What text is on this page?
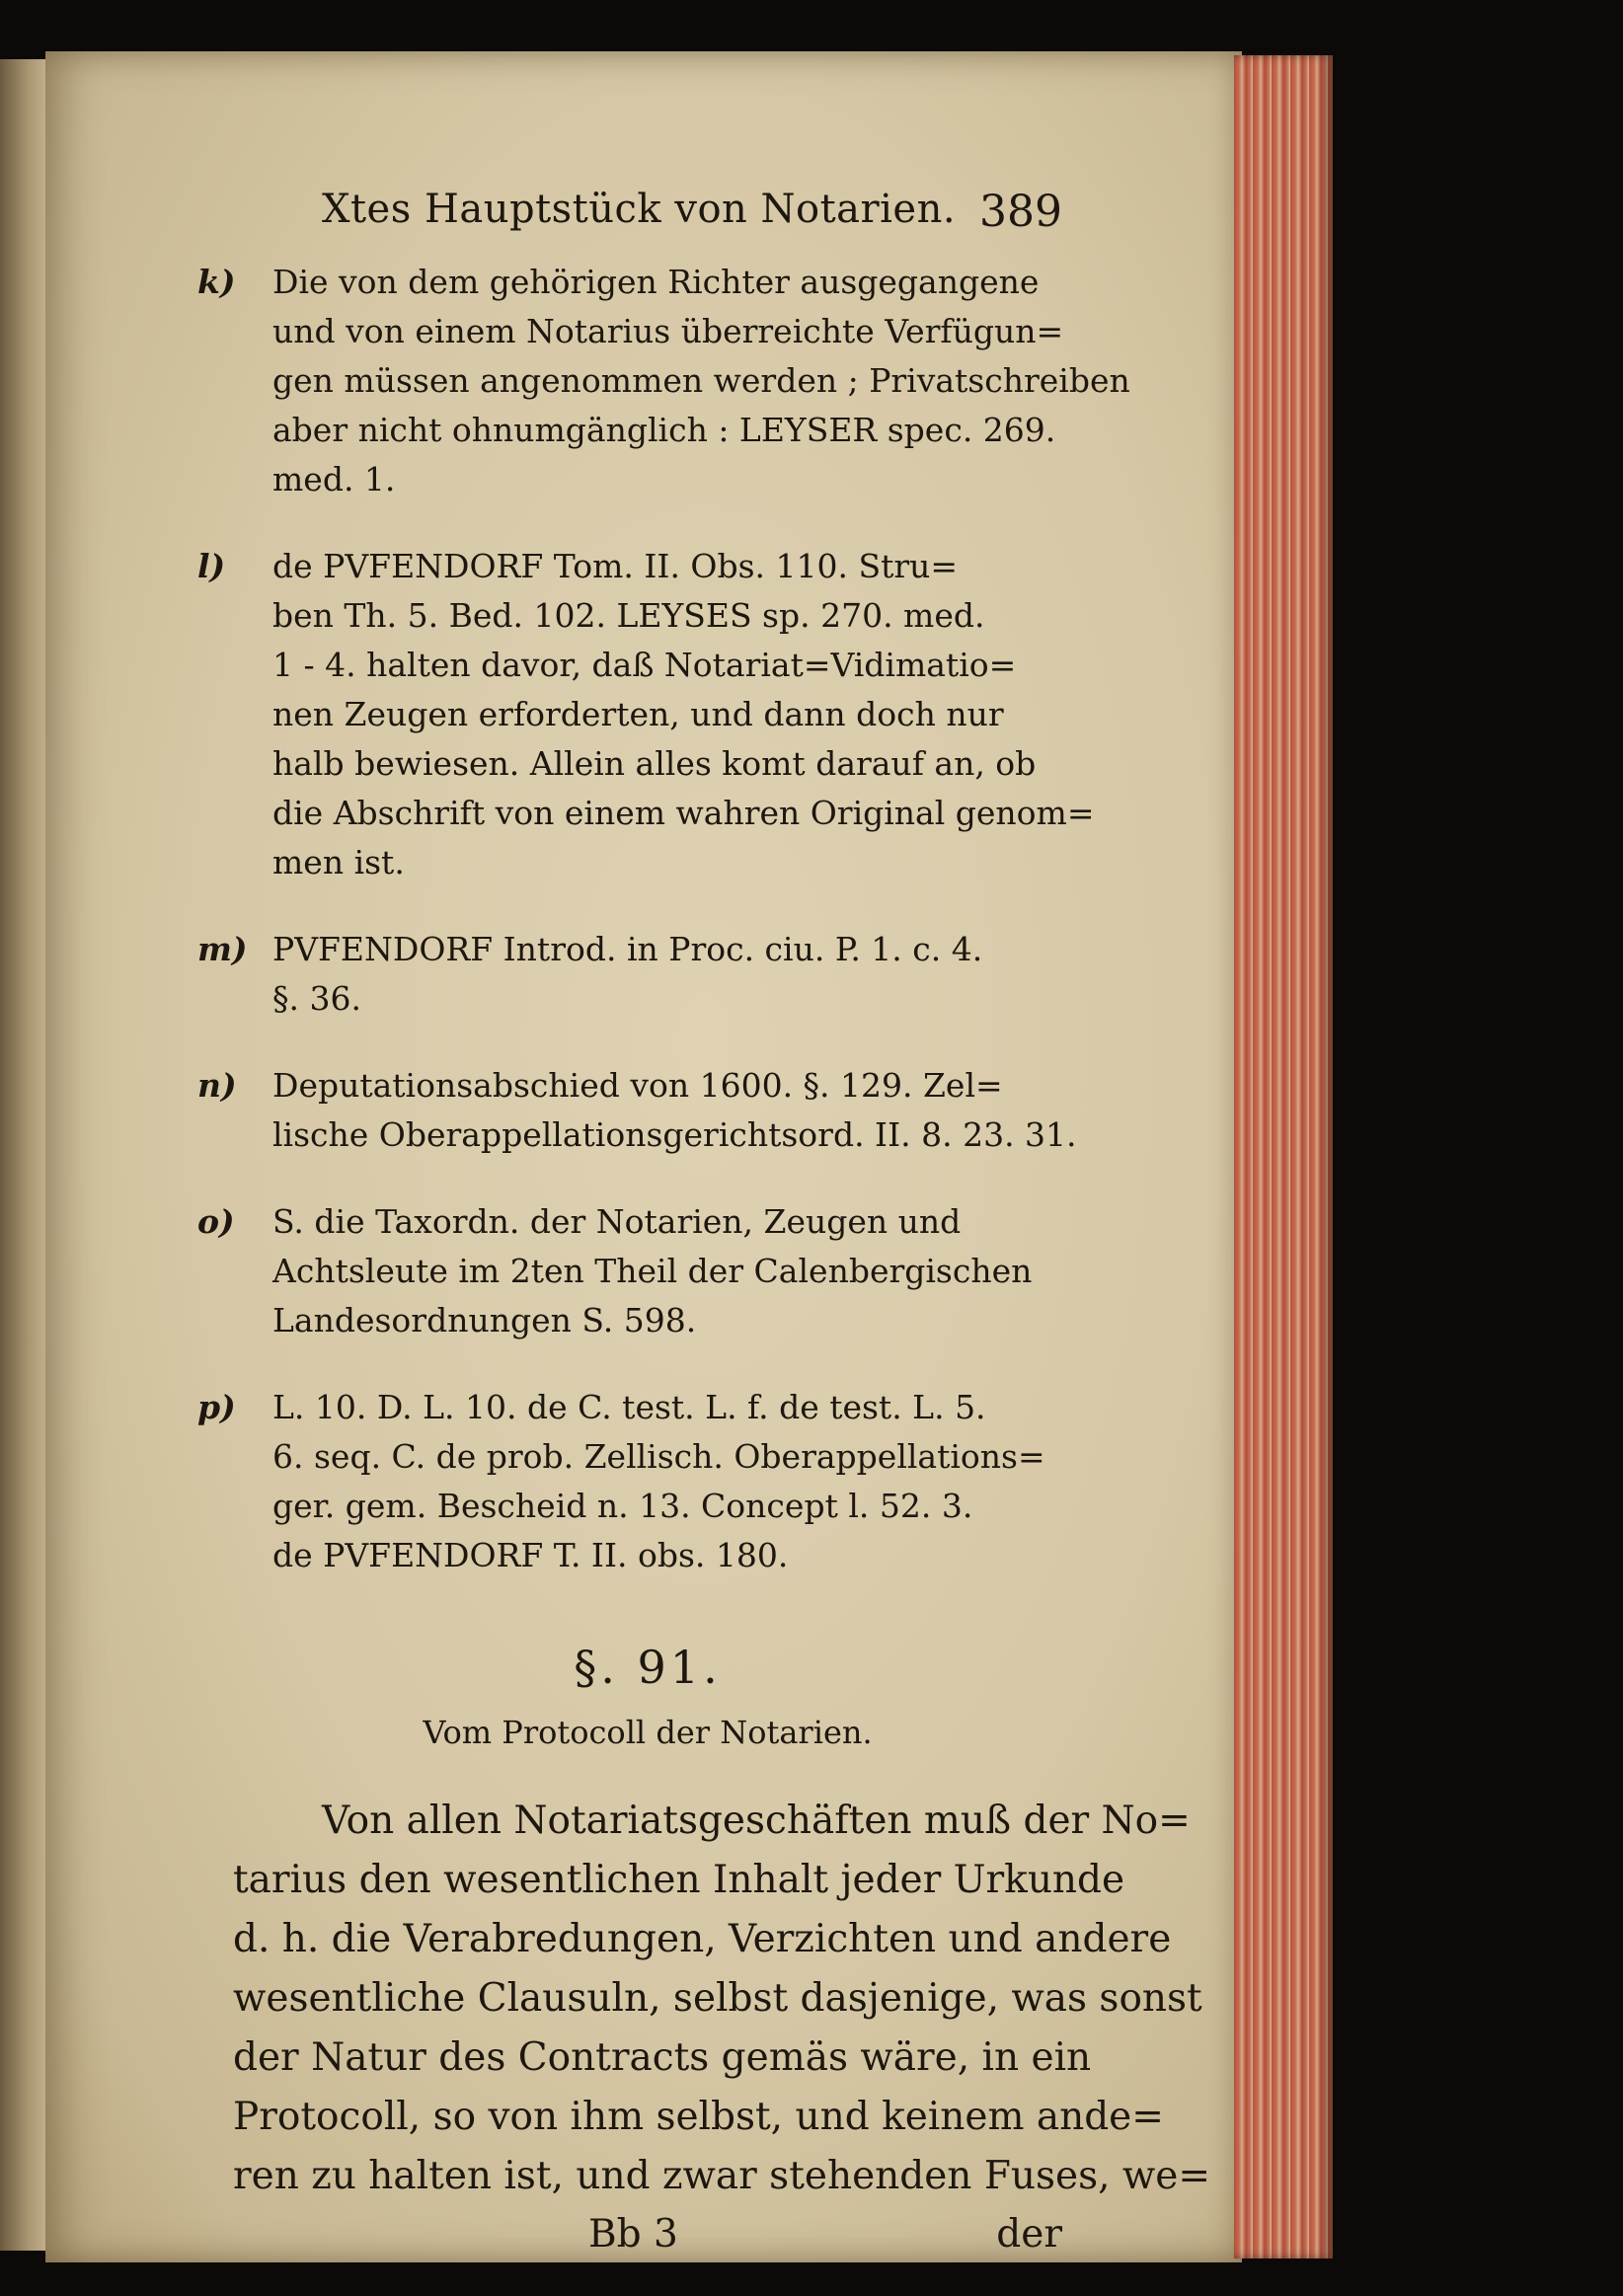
Xtes Hauptstück von Notarien. 389
k) Die von dem gehörigen Richter ausgegangene
und von einem Notarius überreichte Verfügun=
gen müssen angenommen werden ; Privatschreiben
aber nicht ohnumgänglich : LEYSER spec. 269.
med. 1.
l) de PVFENDORF Tom. II. Obs. 110. Stru=
ben Th. 5. Bed. 102. LEYSES sp. 270. med.
1 - 4. halten davor, daß Notariat=Vidimatio=
nen Zeugen erforderten, und dann doch nur
halb bewiesen. Allein alles komt darauf an, ob
die Abschrift von einem wahren Original genom=
men ist.
m) PVFENDORF Introd. in Proc. ciu. P. 1. c. 4.
§. 36.
n) Deputationsabschied von 1600. §. 129. Zel=
lische Oberappellationsgerichtsord. II. 8. 23. 31.
o) S. die Taxordn. der Notarien, Zeugen und
Achtsleute im 2ten Theil der Calenbergischen
Landesordnungen S. 598.
p) L. 10. D. L. 10. de C. test. L. f. de test. L. 5.
6. seq. C. de prob. Zellisch. Oberappellations=
ger. gem. Bescheid n. 13. Concept l. 52. 3.
de PVFENDORF T. II. obs. 180.
§. 91.
Vom Protocoll der Notarien.
Von allen Notariatsgeschäften muß der No=
tarius den wesentlichen Inhalt jeder Urkunde
d. h. die Verabredungen, Verzichten und andere
wesentliche Clausuln, selbst dasjenige, was sonst
der Natur des Contracts gemäs wäre, in ein
Protocoll, so von ihm selbst, und keinem ande=
ren zu halten ist, und zwar stehenden Fuses, we=
Bb 3	der
